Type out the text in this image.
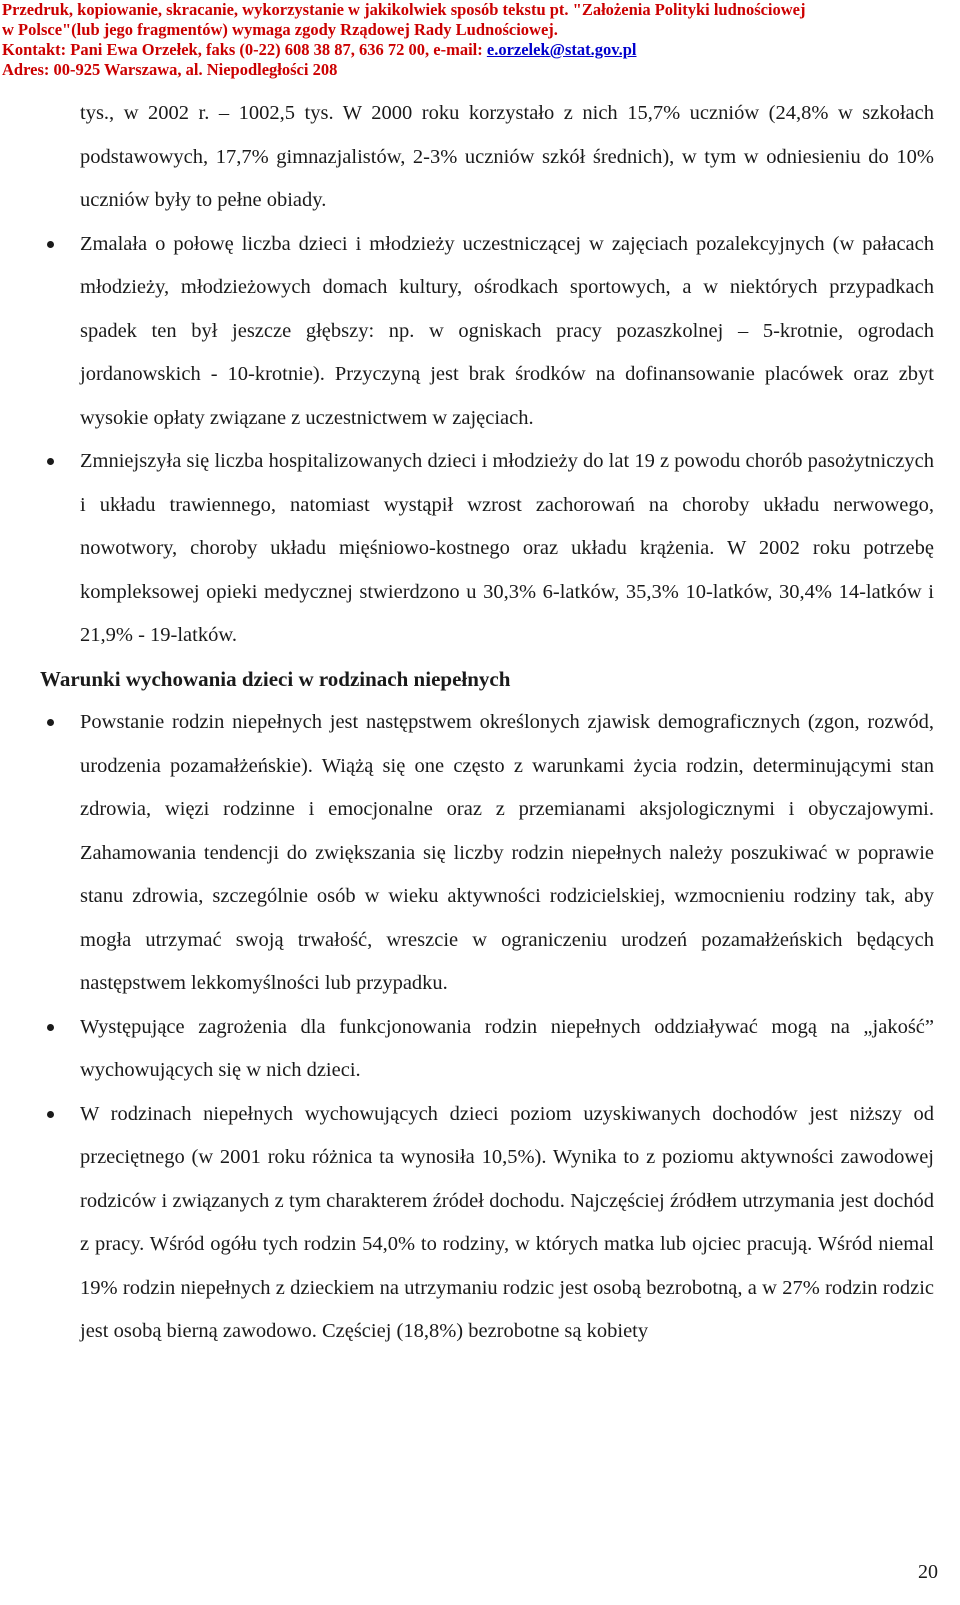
Przedruk, kopiowanie, skracanie, wykorzystanie w jakikolwiek sposób tekstu pt. "Założenia Polityki ludnościowej
w Polsce"(lub jego fragmentów) wymaga zgody Rządowej Rady Ludnościowej.
Kontakt: Pani Ewa Orzełek, faks (0-22) 608 38 87, 636 72 00, e-mail: e.orzelek@stat.gov.pl
Adres: 00-925 Warszawa, al. Niepodległości 208
tys., w 2002 r. – 1002,5 tys. W 2000 roku korzystało z nich 15,7% uczniów (24,8% w szkołach podstawowych, 17,7% gimnazjalistów, 2-3% uczniów szkół średnich), w tym w odniesieniu do 10% uczniów były to pełne obiady.
Zmalała o połowę liczba dzieci i młodzieży uczestniczącej w zajęciach pozalekcyjnych (w pałacach młodzieży, młodzieżowych domach kultury, ośrodkach sportowych, a w niektórych przypadkach spadek ten był jeszcze głębszy: np. w ogniskach pracy pozaszkolnej – 5-krotnie, ogrodach jordanowskich - 10-krotnie). Przyczyną jest brak środków na dofinansowanie placówek oraz zbyt wysokie opłaty związane z uczestnictwem w zajęciach.
Zmniejszyła się liczba hospitalizowanych dzieci i młodzieży do lat 19 z powodu chorób pasożytniczych i układu trawiennego, natomiast wystąpił wzrost zachorowań na choroby układu nerwowego, nowotwory, choroby układu mięśniowo-kostnego oraz układu krążenia. W 2002 roku potrzebę kompleksowej opieki medycznej stwierdzono u 30,3% 6-latków, 35,3% 10-latków, 30,4% 14-latków i 21,9% - 19-latków.
Warunki wychowania dzieci w rodzinach niepełnych
Powstanie rodzin niepełnych jest następstwem określonych zjawisk demograficznych (zgon, rozwód, urodzenia pozamałżeńskie). Wiążą się one często z warunkami życia rodzin, determinującymi stan zdrowia, więzi rodzinne i emocjonalne oraz z przemianami aksjologicznymi i obyczajowymi. Zahamowania tendencji do zwiększania się liczby rodzin niepełnych należy poszukiwać w poprawie stanu zdrowia, szczególnie osób w wieku aktywności rodzicielskiej, wzmocnieniu rodziny tak, aby mogła utrzymać swoją trwałość, wreszcie w ograniczeniu urodzeń pozamałżeńskich będących następstwem lekkomyślności lub przypadku.
Występujące zagrożenia dla funkcjonowania rodzin niepełnych oddziaływać mogą na „jakość” wychowujących się w nich dzieci.
W rodzinach niepełnych wychowujących dzieci poziom uzyskiwanych dochodów jest niższy od przeciętnego (w 2001 roku różnica ta wynosiła 10,5%). Wynika to z poziomu aktywności zawodowej rodziców i związanych z tym charakterem źródeł dochodu. Najczęściej źródłem utrzymania jest dochód z pracy. Wśród ogółu tych rodzin 54,0% to rodziny, w których matka lub ojciec pracują. Wśród niemal 19% rodzin niepełnych z dzieckiem na utrzymaniu rodzic jest osobą bezrobotną, a w 27% rodzin rodzic jest osobą bierną zawodowo. Częściej (18,8%) bezrobotne są kobiety
20
